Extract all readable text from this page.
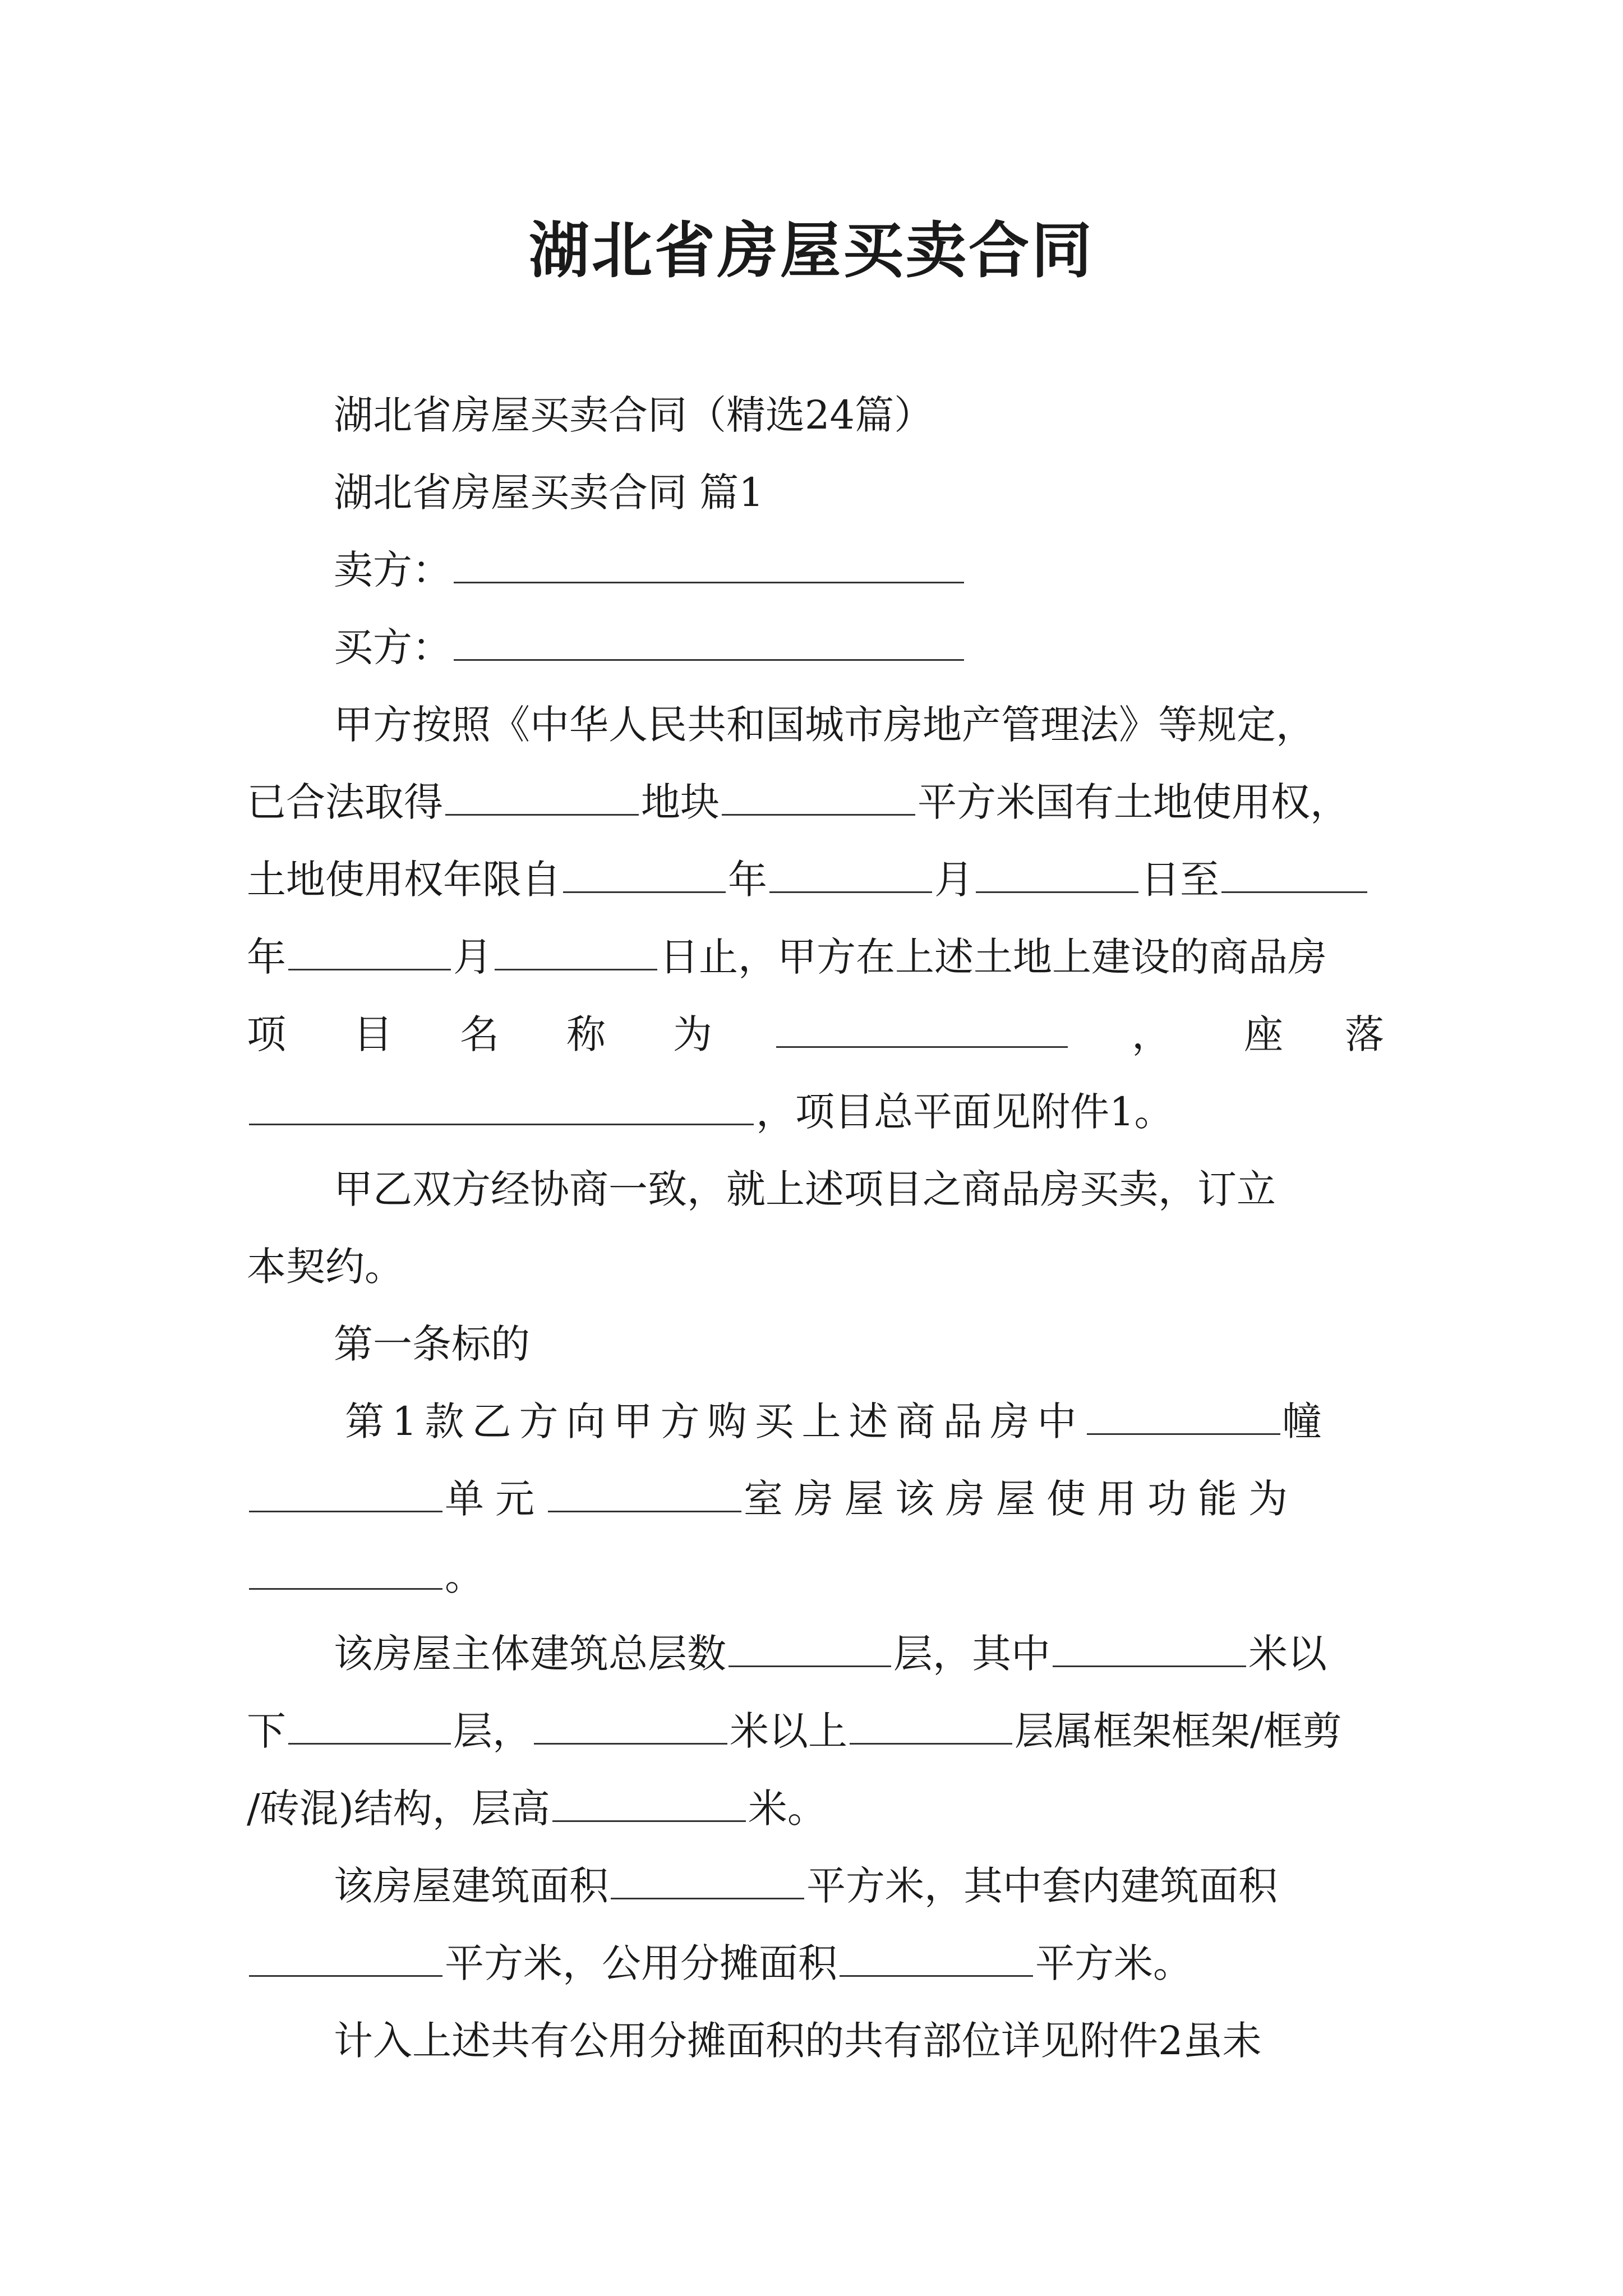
湖北省房屋买卖合同
湖北省房屋买卖合同（精选24篇）
湖北省房屋买卖合同 篇1
卖方：
买方：
甲方按照《中华人民共和国城市房地产管理法》等规定，
已合法取得	地块	平方米国有土地使用权，
土地使用权年限自	年	月	日至
年	月	日止，甲方在上述土地上建设的商品房
项 目 名 称 为	， 座 落
，项目总平面见附件1。
甲乙双方经协商一致，就上述项目之商品房买卖，订立
本契约。
第一条标的
第1款乙方向甲方购买上述商品房中	幢
单元	室房屋该房屋使用功能为
。
该房屋主体建筑总层数	层，其中	米以
下	层，	米以上	层属框架框架/框剪
/砖混)结构，层高	米。
该房屋建筑面积	平方米，其中套内建筑面积
平方米，公用分摊面积	平方米。
计入上述共有公用分摊面积的共有部位详见附件2虽未
